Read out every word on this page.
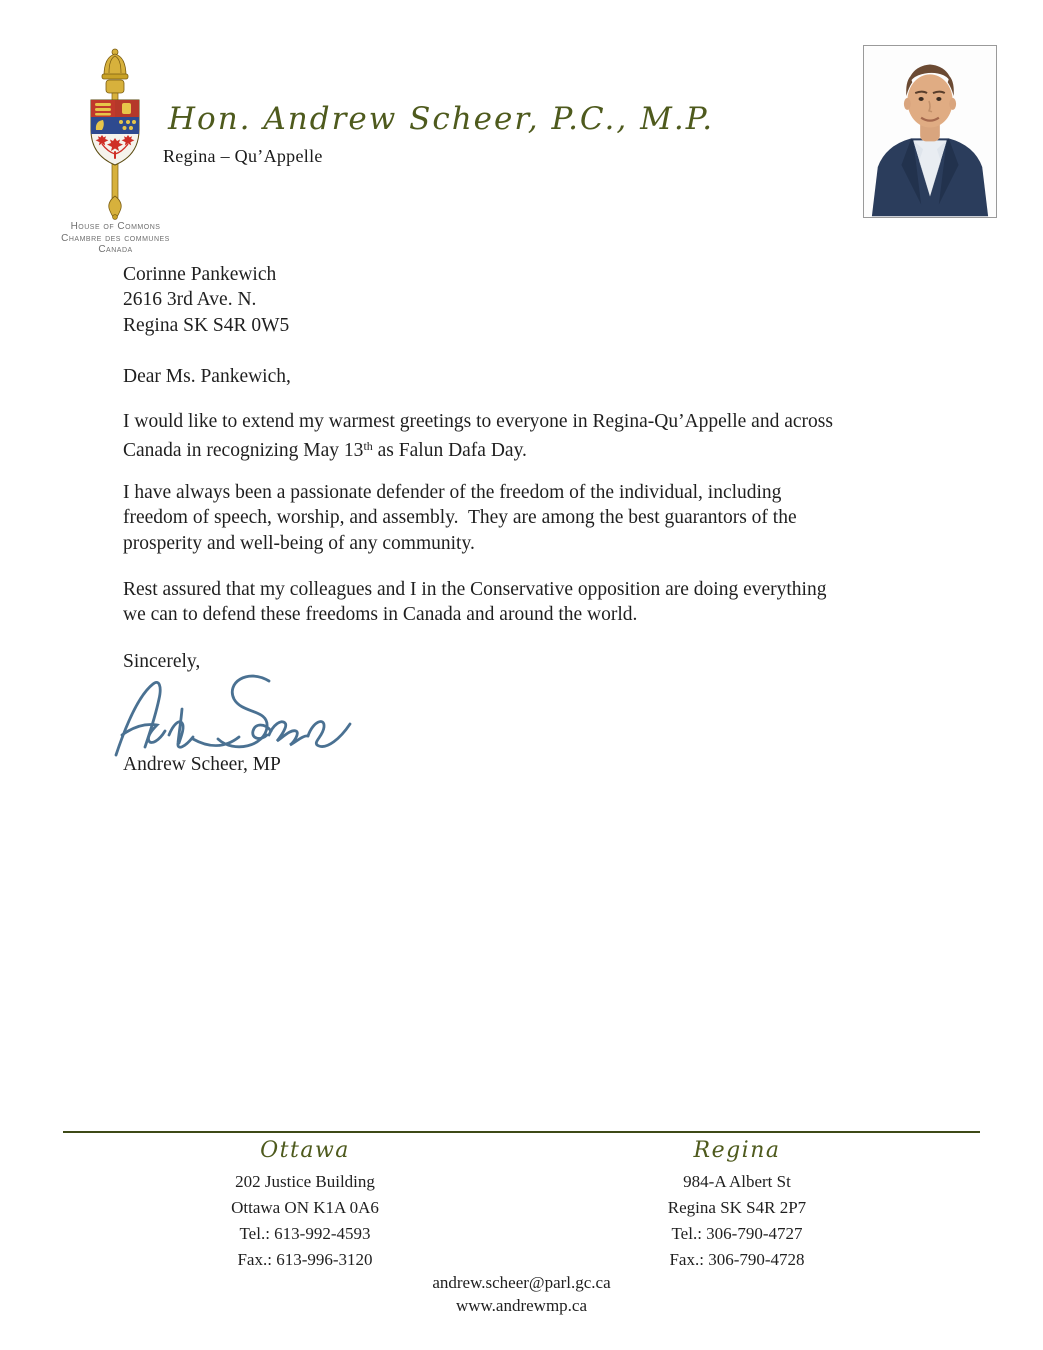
House of Commons
Chambre des communes
Canada
Hon. Andrew Scheer, P.C., M.P.
Regina – Qu’Appelle
Corinne Pankewich
2616 3rd Ave. N.
Regina SK S4R 0W5
Dear Ms. Pankewich,
I would like to extend my warmest greetings to everyone in Regina-Qu’Appelle and across
Canada in recognizing May 13th as Falun Dafa Day.
I have always been a passionate defender of the freedom of the individual, including
freedom of speech, worship, and assembly.  They are among the best guarantors of the
prosperity and well-being of any community.
Rest assured that my colleagues and I in the Conservative opposition are doing everything
we can to defend these freedoms in Canada and around the world.
Sincerely,
Andrew Scheer, MP
Ottawa
202 Justice Building
Ottawa ON K1A 0A6
Tel.: 613-992-4593
Fax.: 613-996-3120
Regina
984-A Albert St
Regina SK S4R 2P7
Tel.: 306-790-4727
Fax.: 306-790-4728
andrew.scheer@parl.gc.ca
www.andrewmp.ca
